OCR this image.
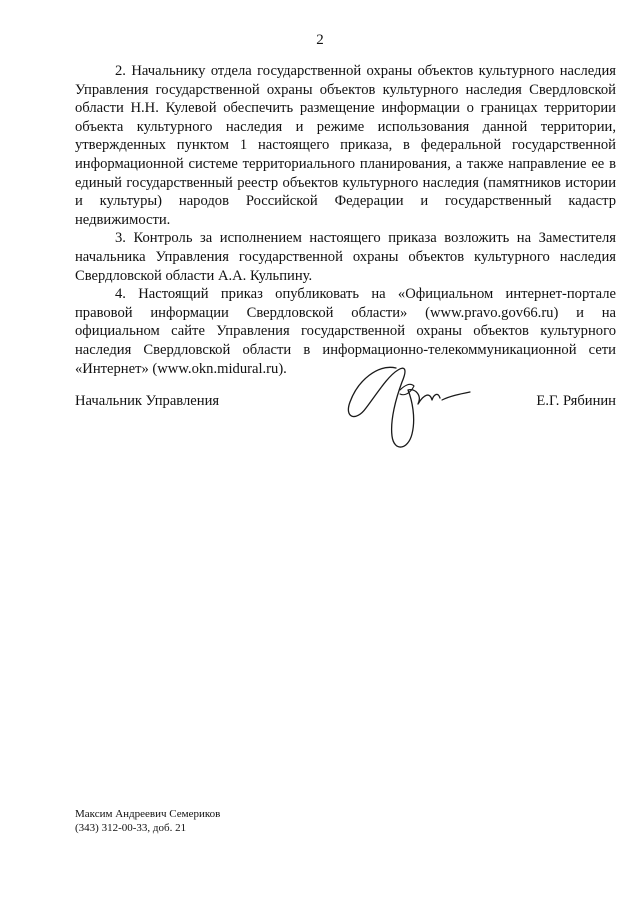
2

2. Начальнику отдела государственной охраны объектов культурного наследия Управления государственной охраны объектов культурного наследия Свердловской области Н.Н. Кулевой обеспечить размещение информации о границах территории объекта культурного наследия и режиме использования данной территории, утвержденных пунктом 1 настоящего приказа, в федеральной государственной информационной системе территориального планирования, а также направление ее в единый государственный реестр объектов культурного наследия (памятников истории и культуры) народов Российской Федерации и государственный кадастр недвижимости.

3. Контроль за исполнением настоящего приказа возложить на Заместителя начальника Управления государственной охраны объектов культурного наследия Свердловской области А.А. Кульпину.

4. Настоящий приказ опубликовать на «Официальном интернет-портале правовой информации Свердловской области» (www.pravo.gov66.ru) и на официальном сайте Управления государственной охраны объектов культурного наследия Свердловской области в информационно-телекоммуникационной сети «Интернет» (www.okn.midural.ru).

Начальник Управления	Е.Г. Рябинин
Максим Андреевич Семериков
(343) 312-00-33, доб. 21
